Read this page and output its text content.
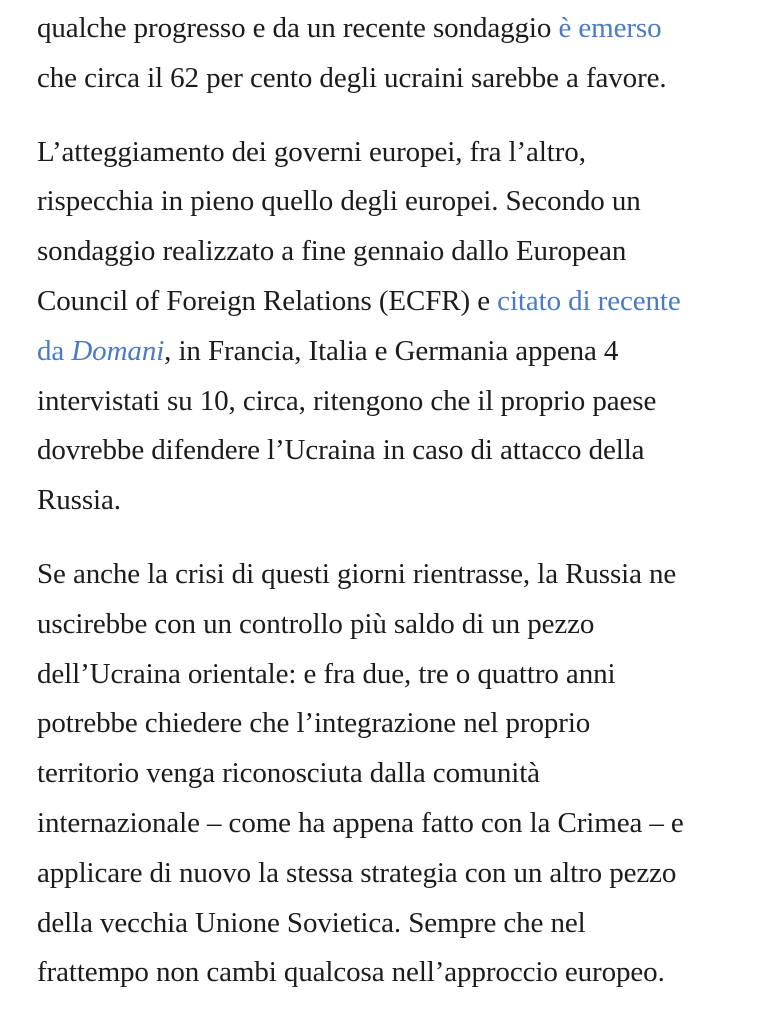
qualche progresso e da un recente sondaggio è emerso
che circa il 62 per cento degli ucraini sarebbe a favore.

L’atteggiamento dei governi europei, fra l’altro,
rispecchia in pieno quello degli europei. Secondo un
sondaggio realizzato a fine gennaio dallo European
Council of Foreign Relations (ECFR) e citato di recente
da Domani, in Francia, Italia e Germania appena 4
intervistati su 10, circa, ritengono che il proprio paese
dovrebbe difendere l’Ucraina in caso di attacco della
Russia.

Se anche la crisi di questi giorni rientrasse, la Russia ne
uscirebbe con un controllo più saldo di un pezzo
dell’Ucraina orientale: e fra due, tre o quattro anni
potrebbe chiedere che l’integrazione nel proprio
territorio venga riconosciuta dalla comunità
internazionale – come ha appena fatto con la Crimea – e
applicare di nuovo la stessa strategia con un altro pezzo
della vecchia Unione Sovietica. Sempre che nel
frattempo non cambi qualcosa nell’approccio europeo.
